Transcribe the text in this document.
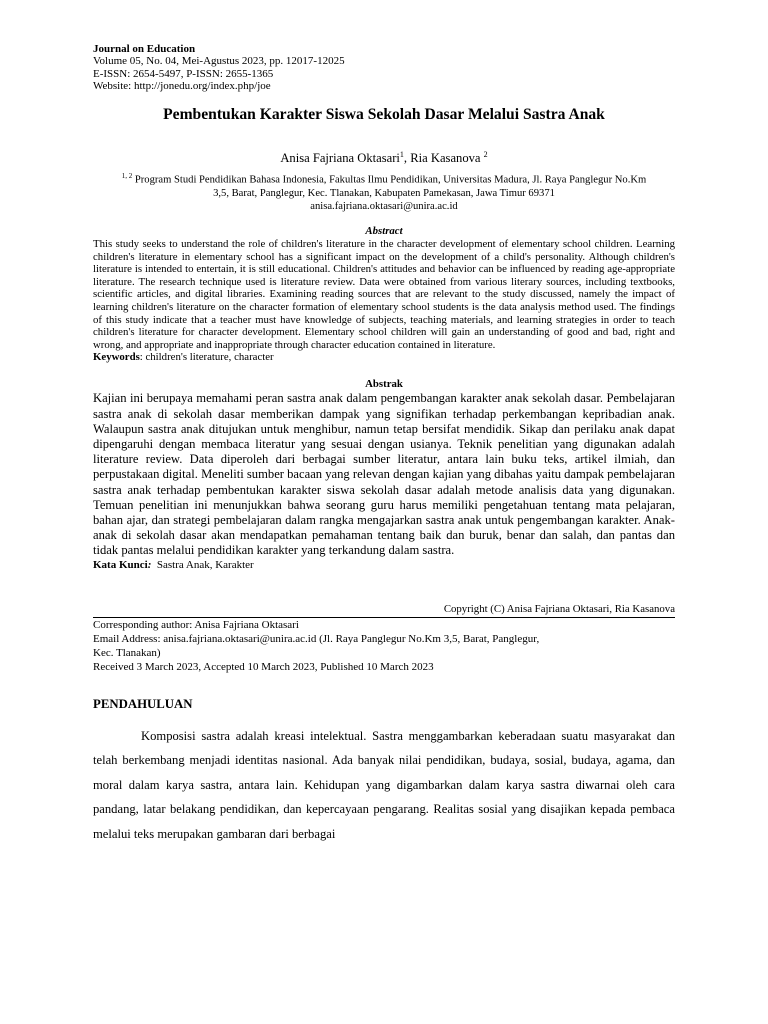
Journal on Education
Volume 05, No. 04, Mei-Agustus 2023, pp. 12017-12025
E-ISSN: 2654-5497, P-ISSN: 2655-1365
Website: http://jonedu.org/index.php/joe
Pembentukan Karakter Siswa Sekolah Dasar Melalui Sastra Anak
Anisa Fajriana Oktasari$^1$, Ria Kasanova $^2$
$^{1, 2}$ Program Studi Pendidikan Bahasa Indonesia, Fakultas Ilmu Pendidikan, Universitas Madura, Jl. Raya Panglegur No.Km
3,5, Barat, Panglegur, Kec. Tlanakan, Kabupaten Pamekasan, Jawa Timur 69371
anisa.fajriana.oktasari@unira.ac.id
Abstract
This study seeks to understand the role of children's literature in the character development of elementary school children. Learning children's literature in elementary school has a significant impact on the development of a child's personality. Although children's literature is intended to entertain, it is still educational. Children's attitudes and behavior can be influenced by reading age-appropriate literature. The research technique used is literature review. Data were obtained from various literary sources, including textbooks, scientific articles, and digital libraries. Examining reading sources that are relevant to the study discussed, namely the impact of learning children's literature on the character formation of elementary school students is the data analysis method used. The findings of this study indicate that a teacher must have knowledge of subjects, teaching materials, and learning strategies in order to teach children's literature for character development. Elementary school children will gain an understanding of good and bad, right and wrong, and appropriate and inappropriate through character education contained in literature.
Keywords: children's literature, character
Abstrak
Kajian ini berupaya memahami peran sastra anak dalam pengembangan karakter anak sekolah dasar. Pembelajaran sastra anak di sekolah dasar memberikan dampak yang signifikan terhadap perkembangan kepribadian anak. Walaupun sastra anak ditujukan untuk menghibur, namun tetap bersifat mendidik. Sikap dan perilaku anak dapat dipengaruhi dengan membaca literatur yang sesuai dengan usianya. Teknik penelitian yang digunakan adalah literature review. Data diperoleh dari berbagai sumber literatur, antara lain buku teks, artikel ilmiah, dan perpustakaan digital. Meneliti sumber bacaan yang relevan dengan kajian yang dibahas yaitu dampak pembelajaran sastra anak terhadap pembentukan karakter siswa sekolah dasar adalah metode analisis data yang digunakan. Temuan penelitian ini menunjukkan bahwa seorang guru harus memiliki pengetahuan tentang mata pelajaran, bahan ajar, dan strategi pembelajaran dalam rangka mengajarkan sastra anak untuk pengembangan karakter. Anak-anak di sekolah dasar akan mendapatkan pemahaman tentang baik dan buruk, benar dan salah, dan pantas dan tidak pantas melalui pendidikan karakter yang terkandung dalam sastra.
Kata Kunci:  Sastra Anak, Karakter
Copyright (C) Anisa Fajriana Oktasari, Ria Kasanova
Corresponding author: Anisa Fajriana Oktasari
Email Address: anisa.fajriana.oktasari@unira.ac.id (Jl. Raya Panglegur No.Km 3,5, Barat, Panglegur,
Kec. Tlanakan)
Received 3 March 2023, Accepted 10 March 2023, Published 10 March 2023
PENDAHULUAN
Komposisi sastra adalah kreasi intelektual. Sastra menggambarkan keberadaan suatu masyarakat dan telah berkembang menjadi identitas nasional. Ada banyak nilai pendidikan, budaya, sosial, budaya, agama, dan moral dalam karya sastra, antara lain. Kehidupan yang digambarkan dalam karya sastra diwarnai oleh cara pandang, latar belakang pendidikan, dan kepercayaan pengarang. Realitas sosial yang disajikan kepada pembaca melalui teks merupakan gambaran dari berbagai
